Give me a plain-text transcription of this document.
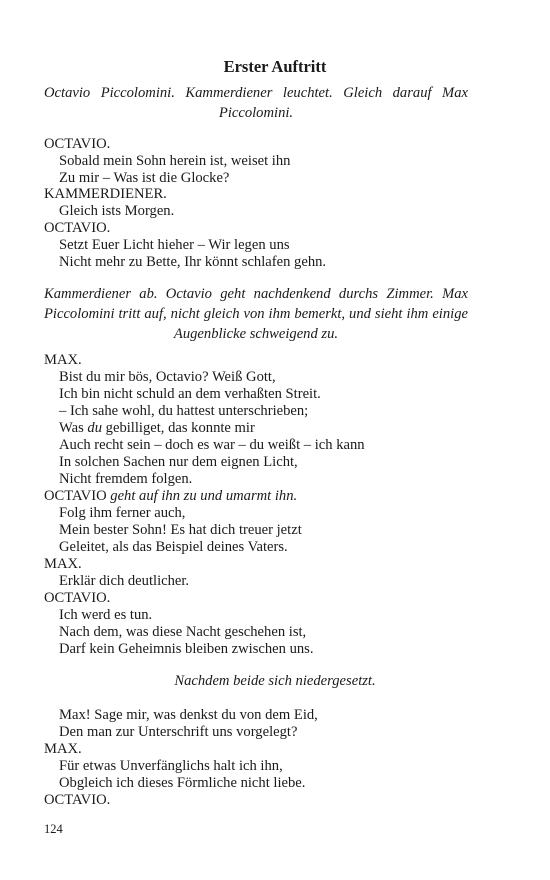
Erster Auftritt
Octavio Piccolomini. Kammerdiener leuchtet. Gleich darauf Max Piccolomini.
OCTAVIO.
Sobald mein Sohn herein ist, weiset ihn
Zu mir – Was ist die Glocke?
KAMMERDIENER.
Gleich ists Morgen.
OCTAVIO.
Setzt Euer Licht hieher – Wir legen uns
Nicht mehr zu Bette, Ihr könnt schlafen gehn.
Kammerdiener ab. Octavio geht nachdenkend durchs Zimmer. Max Piccolomini tritt auf, nicht gleich von ihm bemerkt, und sieht ihm einige Augenblicke schweigend zu.
MAX.
Bist du mir bös, Octavio? Weiß Gott,
Ich bin nicht schuld an dem verhaßten Streit.
– Ich sahe wohl, du hattest unterschrieben;
Was du gebilliget, das konnte mir
Auch recht sein – doch es war – du weißt – ich kann
In solchen Sachen nur dem eignen Licht,
Nicht fremdem folgen.
OCTAVIO geht auf ihn zu und umarmt ihn.
Folg ihm ferner auch,
Mein bester Sohn! Es hat dich treuer jetzt
Geleitet, als das Beispiel deines Vaters.
MAX.
Erklär dich deutlicher.
OCTAVIO.
Ich werd es tun.
Nach dem, was diese Nacht geschehen ist,
Darf kein Geheimnis bleiben zwischen uns.
Nachdem beide sich niedergesetzt.
Max! Sage mir, was denkst du von dem Eid,
Den man zur Unterschrift uns vorgelegt?
MAX.
Für etwas Unverfänglichs halt ich ihn,
Obgleich ich dieses Förmliche nicht liebe.
OCTAVIO.
124
